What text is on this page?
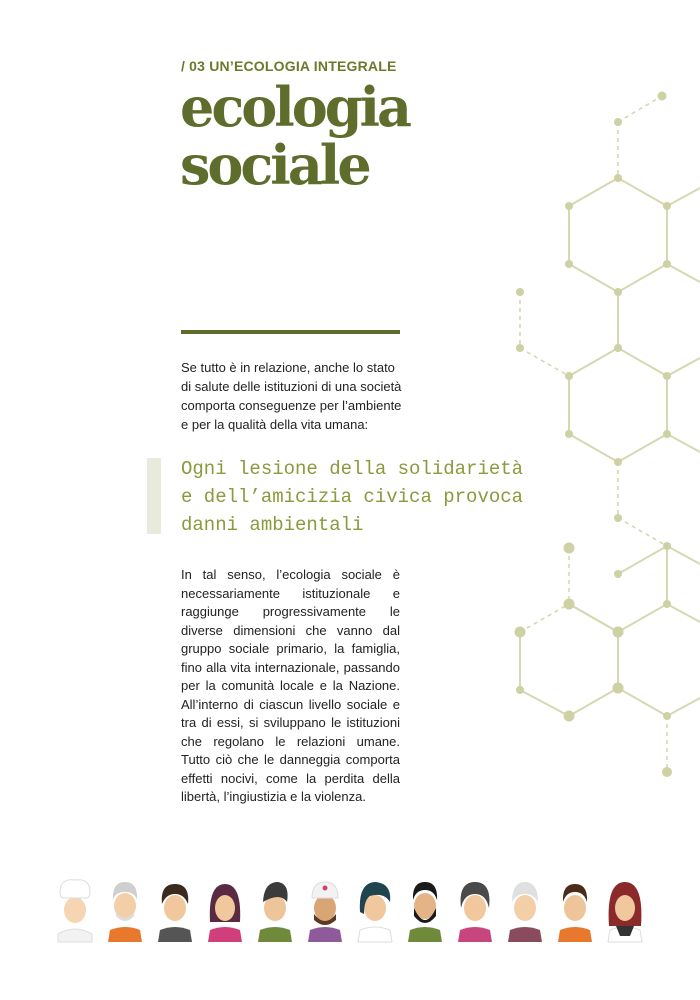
/ 03 UN’ECOLOGIA INTEGRALE
ecologia
sociale

Se tutto è in relazione, anche lo stato di salute delle istituzioni di una società comporta conseguenze per l’ambiente e per la qualità della vita umana:

Ogni lesione della solidarietà
e dell’amicizia civica provoca
danni ambientali

In tal senso, l’ecologia sociale è necessariamente istituzionale e raggiunge progressivamente le diverse dimensioni che vanno dal gruppo sociale primario, la famiglia, fino alla vita internazionale, passando per la comunità locale e la Nazione. All’interno di ciascun livello sociale e tra di essi, si sviluppano le istituzioni che regolano le relazioni umane. Tutto ciò che le danneggia comporta effetti nocivi, come la perdita della libertà, l’ingiustizia e la violenza.
